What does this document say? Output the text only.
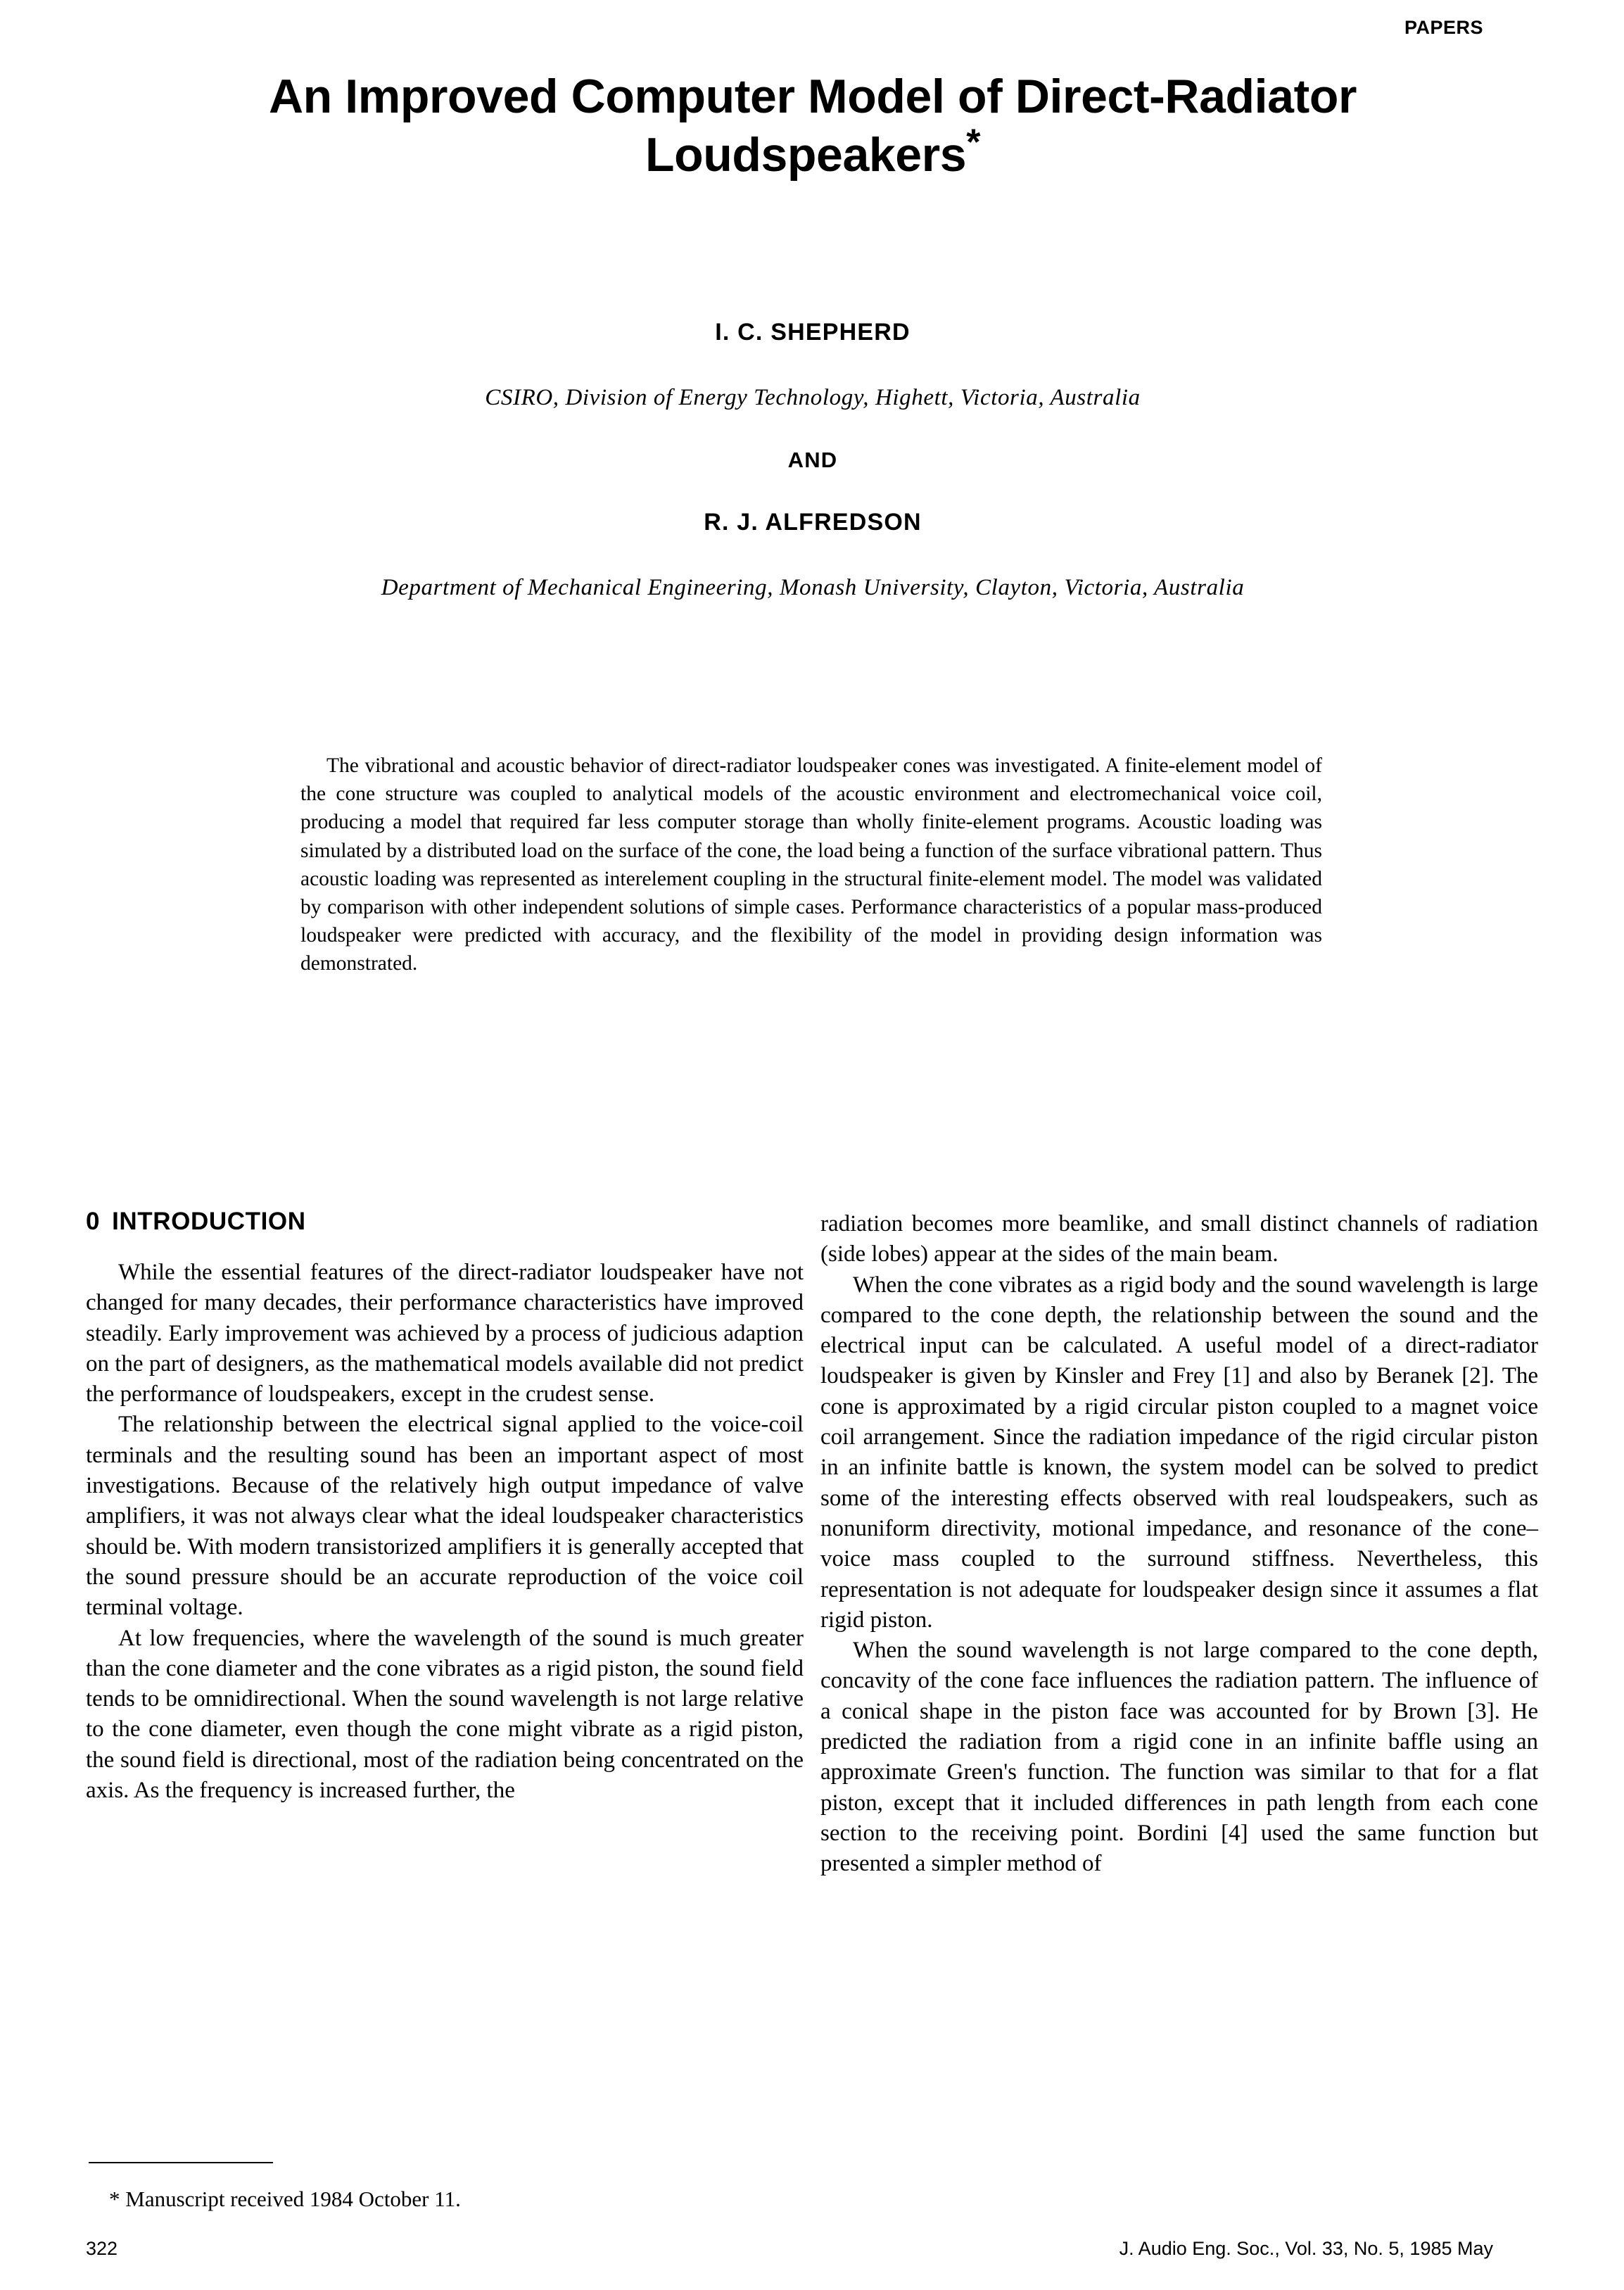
PAPERS
An Improved Computer Model of Direct-Radiator
Loudspeakers*
I. C. SHEPHERD
CSIRO, Division of Energy Technology, Highett, Victoria, Australia
AND
R. J. ALFREDSON
Department of Mechanical Engineering, Monash University, Clayton, Victoria, Australia
The vibrational and acoustic behavior of direct-radiator loudspeaker cones was investigated. A finite-element model of the cone structure was coupled to analytical models of the acoustic environment and electromechanical voice coil, producing a model that required far less computer storage than wholly finite-element programs. Acoustic loading was simulated by a distributed load on the surface of the cone, the load being a function of the surface vibrational pattern. Thus acoustic loading was represented as interelement coupling in the structural finite-element model. The model was validated by comparison with other independent solutions of simple cases. Performance characteristics of a popular mass-produced loudspeaker were predicted with accuracy, and the flexibility of the model in providing design information was demonstrated.
0 INTRODUCTION

While the essential features of the direct-radiator loudspeaker have not changed for many decades, their performance characteristics have improved steadily. Early improvement was achieved by a process of judicious adaption on the part of designers, as the mathematical models available did not predict the performance of loudspeakers, except in the crudest sense.

The relationship between the electrical signal applied to the voice-coil terminals and the resulting sound has been an important aspect of most investigations. Because of the relatively high output impedance of valve amplifiers, it was not always clear what the ideal loudspeaker characteristics should be. With modern transistorized amplifiers it is generally accepted that the sound pressure should be an accurate reproduction of the voice coil terminal voltage.

At low frequencies, where the wavelength of the sound is much greater than the cone diameter and the cone vibrates as a rigid piston, the sound field tends to be omnidirectional. When the sound wavelength is not large relative to the cone diameter, even though the cone might vibrate as a rigid piston, the sound field is directional, most of the radiation being concentrated on the axis. As the frequency is increased further, the

radiation becomes more beamlike, and small distinct channels of radiation (side lobes) appear at the sides of the main beam.

When the cone vibrates as a rigid body and the sound wavelength is large compared to the cone depth, the relationship between the sound and the electrical input can be calculated. A useful model of a direct-radiator loudspeaker is given by Kinsler and Frey [1] and also by Beranek [2]. The cone is approximated by a rigid circular piston coupled to a magnet voice coil arrangement. Since the radiation impedance of the rigid circular piston in an infinite battle is known, the system model can be solved to predict some of the interesting effects observed with real loudspeakers, such as nonuniform directivity, motional impedance, and resonance of the cone–voice mass coupled to the surround stiffness. Nevertheless, this representation is not adequate for loudspeaker design since it assumes a flat rigid piston.

When the sound wavelength is not large compared to the cone depth, concavity of the cone face influences the radiation pattern. The influence of a conical shape in the piston face was accounted for by Brown [3]. He predicted the radiation from a rigid cone in an infinite baffle using an approximate Green's function. The function was similar to that for a flat piston, except that it included differences in path length from each cone section to the receiving point. Bordini [4] used the same function but presented a simpler method of

* Manuscript received 1984 October 11.
322	J. Audio Eng. Soc., Vol. 33, No. 5, 1985 May
